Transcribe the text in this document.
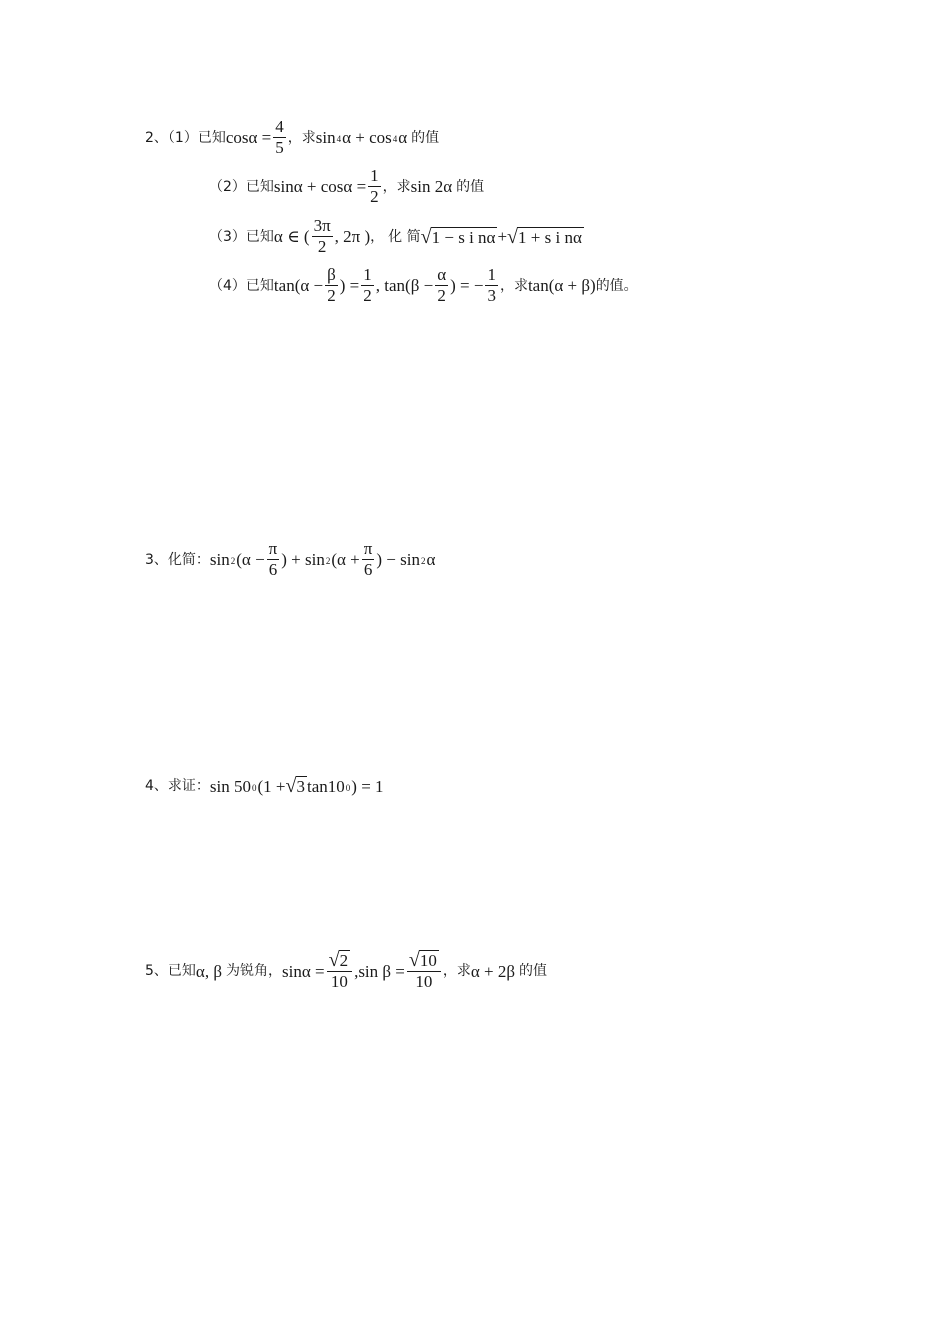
2、（1）已知 $\cos\alpha = \frac{4}{5}$ ， 求 sin 4 α + cos 4 α 的值
（2）已知 $\sin\alpha + \cos\alpha = \frac{1}{2}$ ， 求 sin 2α 的值
（3）已知 α ∈ ( $\frac{3\pi}{2}$ , 2π ) ， 化 简 √ 1 − s i nα + √ 1 + s i nα
（4）已知 $\tan(\alpha - \frac{\beta}{2}$ ) = $\frac{1}{2}$ , $\tan(\beta - \frac{\alpha}{2}$ ) = − $\frac{1}{3}$ ， 求 tan(α + β) 的值。
3、化简： sin 2 ($\alpha - \frac{\pi}{6}$ ) + sin 2 ($\alpha + \frac{\pi}{6}$ ) − sin 2 α
4、求证： sin 50 0 (1 + √ 3 tan10 0 ) = 1
5、已知 α, β 为锐角， $\sin\alpha = \frac{√ 2}{10} ,\sin$ $\beta = \frac{√ 10}{10}$ ， 求 α + 2β 的值
